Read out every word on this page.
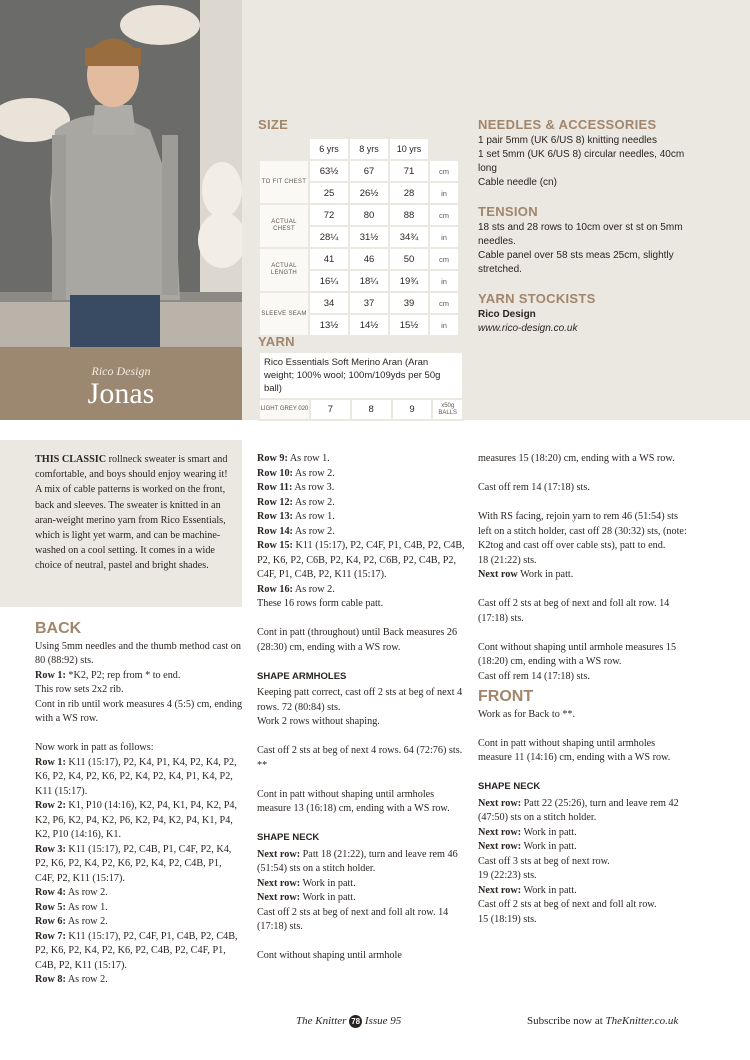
Rico Design
Jonas
SIZE
	6 yrs	8 yrs	10 yrs	
TO FIT CHEST	63½	67	71	cm
	25	26½	28	in
ACTUAL CHEST	72	80	88	cm
	28¼	31½	34¾	in
ACTUAL LENGTH	41	46	50	cm
	16¼	18¼	19¾	in
SLEEVE SEAM	34	37	39	cm
	13½	14½	15½	in
YARN
Rico Essentials Soft Merino Aran (Aran weight; 100% wool; 100m/109yds per 50g ball)
LIGHT GREY 020	7	8	9	x50g BALLS
NEEDLES & ACCESSORIES
1 pair 5mm (UK 6/US 8) knitting needles
1 set 5mm (UK 6/US 8) circular needles, 40cm long
Cable needle (cn)
TENSION
18 sts and 28 rows to 10cm over st st on 5mm needles.
Cable panel over 58 sts meas 25cm, slightly stretched.
YARN STOCKISTS
Rico Design
www.rico-design.co.uk
THIS CLASSIC rollneck sweater is smart and comfortable, and boys should enjoy wearing it! A mix of cable patterns is worked on the front, back and sleeves. The sweater is knitted in an aran-weight merino yarn from Rico Essentials, which is light yet warm, and can be machine-washed on a cool setting. It comes in a wide choice of neutral, pastel and bright shades.
BACK
Using 5mm needles and the thumb method cast on 80 (88:92) sts.
Row 1: *K2, P2; rep from * to end.
This row sets 2x2 rib.

Cont in rib until work measures 4 (5:5) cm, ending with a WS row.

Now work in patt as follows:
Row 1: K11 (15:17), P2, K4, P1, K4, P2, K4, P2, K6, P2, K4, P2, K6, P2, K4, P2, K4, P1, K4, P2, K11 (15:17).
Row 2: K1, P10 (14:16), K2, P4, K1, P4, K2, P4, K2, P6, K2, P4, K2, P6, K2, P4, K2, P4, K1, P4, K2, P10 (14:16), K1.
Row 3: K11 (15:17), P2, C4B, P1, C4F, P2, K4, P2, K6, P2, K4, P2, K6, P2, K4, P2, C4B, P1, C4F, P2, K11 (15:17).
Row 4: As row 2.
Row 5: As row 1.
Row 6: As row 2.
Row 7: K11 (15:17), P2, C4F, P1, C4B, P2, C4B, P2, K6, P2, K4, P2, K6, P2, C4B, P2, C4F, P1, C4B, P2, K11 (15:17).
Row 8: As row 2.
Row 9: As row 1.
Row 10: As row 2.
Row 11: As row 3.
Row 12: As row 2.
Row 13: As row 1.
Row 14: As row 2.
Row 15: K11 (15:17), P2, C4F, P1, C4B, P2, C4B, P2, K6, P2, C6B, P2, K4, P2, C6B, P2, C4B, P2, C4F, P1, C4B, P2, K11 (15:17).
Row 16: As row 2.

These 16 rows form cable patt.

Cont in patt (throughout) until Back measures 26 (28:30) cm, ending with a WS row.

SHAPE ARMHOLES
Keeping patt correct, cast off 2 sts at beg of next 4 rows. 72 (80:84) sts.

Work 2 rows without shaping.

Cast off 2 sts at beg of next 4 rows. 64 (72:76) sts. **

Cont in patt without shaping until armholes measure 13 (16:18) cm, ending with a WS row.

SHAPE NECK
Next row: Patt 18 (21:22), turn and leave rem 46 (51:54) sts on a stitch holder.
Next row: Work in patt.
Next row: Work in patt.

Cast off 2 sts at beg of next and foll alt row. 14 (17:18) sts.

Cont without shaping until armhole

measures 15 (18:20) cm, ending with a WS row.

Cast off rem 14 (17:18) sts.

With RS facing, rejoin yarn to rem 46 (51:54) sts left on a stitch holder, cast off 28 (30:32) sts, (note: K2tog and cast off over cable sts), patt to end.
18 (21:22) sts.

Next row Work in patt.

Cast off 2 sts at beg of next and foll alt row. 14 (17:18) sts.

Cont without shaping until armhole measures 15 (18:20) cm, ending with a WS row.
Cast off rem 14 (17:18) sts.
FRONT

Work as for Back to **.

Cont in patt without shaping until armholes measure 11 (14:16) cm, ending with a WS row.

SHAPE NECK
Next row: Patt 22 (25:26), turn and leave rem 42 (47:50) sts on a stitch holder.
Next row: Work in patt.
Next row: Work in patt.
Cast off 3 sts at beg of next row.
19 (22:23) sts.
Next row: Work in patt.
Cast off 2 sts at beg of next and foll alt row.
15 (18:19) sts.
The Knitter 78 Issue 95	Subscribe now at TheKnitter.co.uk
